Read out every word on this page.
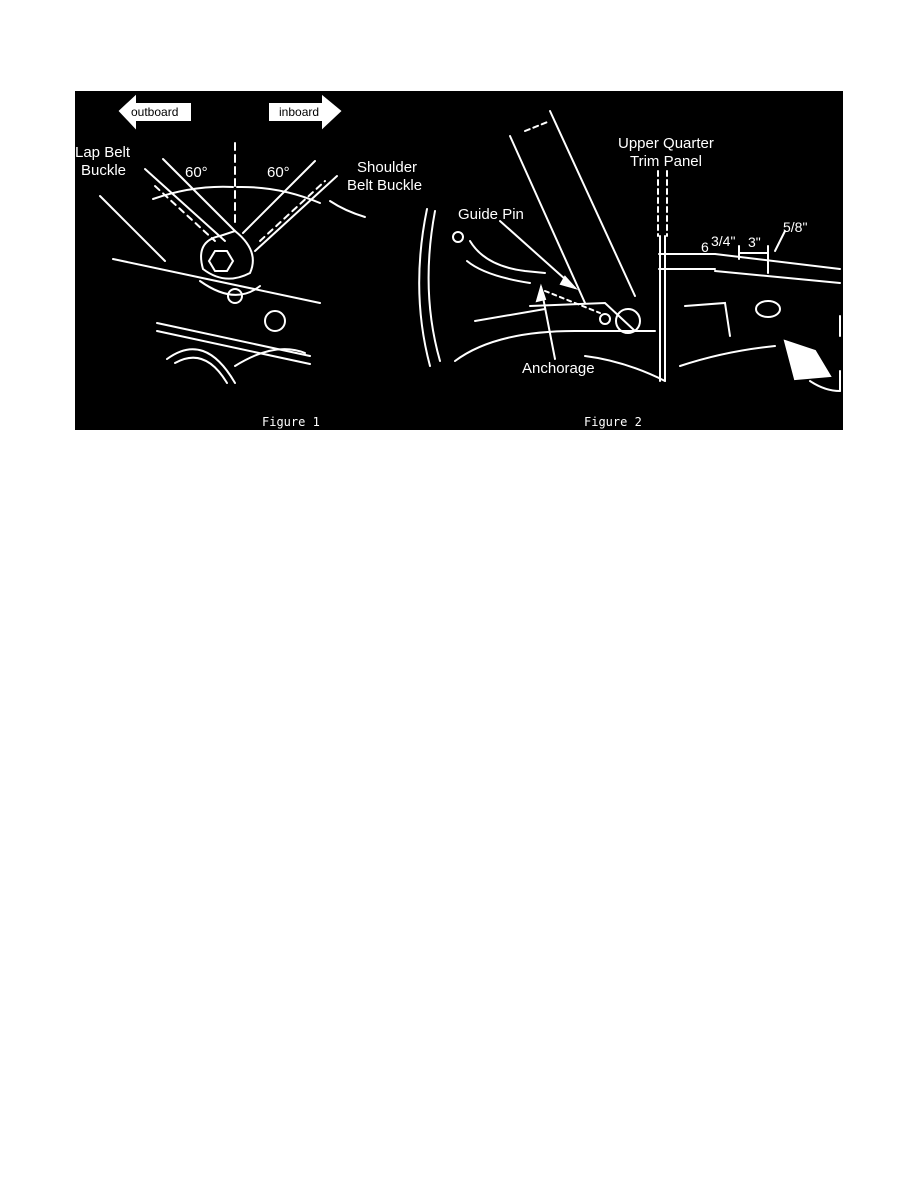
outboard	inboard
Lap Belt
Buckle	60°	60°	Shoulder
Belt Buckle
Figure 1
Upper Quarter
Trim Panel
Guide Pin
Anchorage
6 3/4" 3"
5/8"
Figure 2
